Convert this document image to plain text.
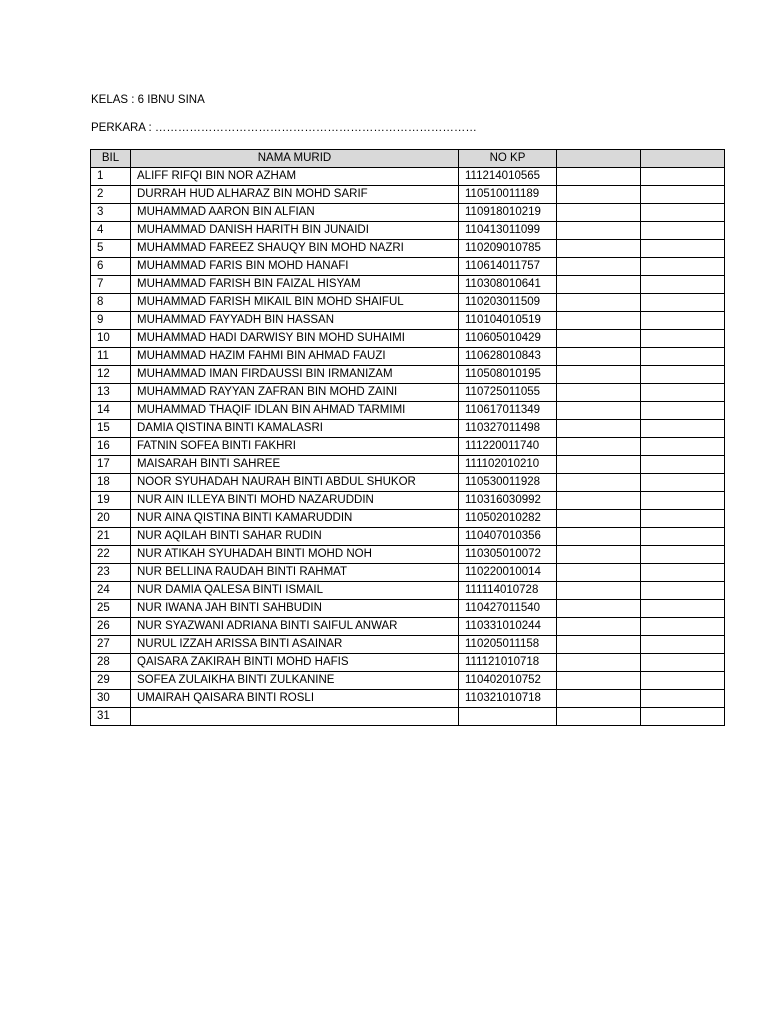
KELAS : 6 IBNU SINA
PERKARA : …………………………………………………………………………
BIL	NAMA MURID	NO KP		
1	ALIFF RIFQI BIN NOR AZHAM	111214010565		
2	DURRAH HUD ALHARAZ BIN MOHD SARIF	110510011189		
3	MUHAMMAD AARON BIN ALFIAN	110918010219		
4	MUHAMMAD DANISH HARITH BIN JUNAIDI	110413011099		
5	MUHAMMAD FAREEZ SHAUQY BIN MOHD NAZRI	110209010785		
6	MUHAMMAD FARIS BIN MOHD HANAFI	110614011757		
7	MUHAMMAD FARISH BIN FAIZAL HISYAM	110308010641		
8	MUHAMMAD FARISH MIKAIL BIN MOHD SHAIFUL	110203011509		
9	MUHAMMAD FAYYADH BIN HASSAN	110104010519		
10	MUHAMMAD HADI DARWISY BIN MOHD SUHAIMI	110605010429		
11	MUHAMMAD HAZIM FAHMI BIN AHMAD FAUZI	110628010843		
12	MUHAMMAD IMAN FIRDAUSSI BIN IRMANIZAM	110508010195		
13	MUHAMMAD RAYYAN ZAFRAN BIN MOHD ZAINI	110725011055		
14	MUHAMMAD THAQIF IDLAN BIN AHMAD TARMIMI	110617011349		
15	DAMIA QISTINA BINTI KAMALASRI	110327011498		
16	FATNIN SOFEA BINTI FAKHRI	111220011740		
17	MAISARAH BINTI SAHREE	111102010210		
18	NOOR SYUHADAH NAURAH BINTI ABDUL SHUKOR	110530011928		
19	NUR AIN ILLEYA BINTI MOHD NAZARUDDIN	110316030992		
20	NUR AINA QISTINA BINTI KAMARUDDIN	110502010282		
21	NUR AQILAH BINTI SAHAR RUDIN	110407010356		
22	NUR ATIKAH SYUHADAH BINTI MOHD NOH	110305010072		
23	NUR BELLINA RAUDAH BINTI RAHMAT	110220010014		
24	NUR DAMIA QALESA BINTI ISMAIL	111114010728		
25	NUR IWANA JAH BINTI SAHBUDIN	110427011540		
26	NUR SYAZWANI ADRIANA BINTI SAIFUL ANWAR	110331010244		
27	NURUL IZZAH ARISSA BINTI ASAINAR	110205011158		
28	QAISARA ZAKIRAH BINTI MOHD HAFIS	111121010718		
29	SOFEA ZULAIKHA BINTI ZULKANINE	110402010752		
30	UMAIRAH QAISARA BINTI ROSLI	110321010718		
31				
